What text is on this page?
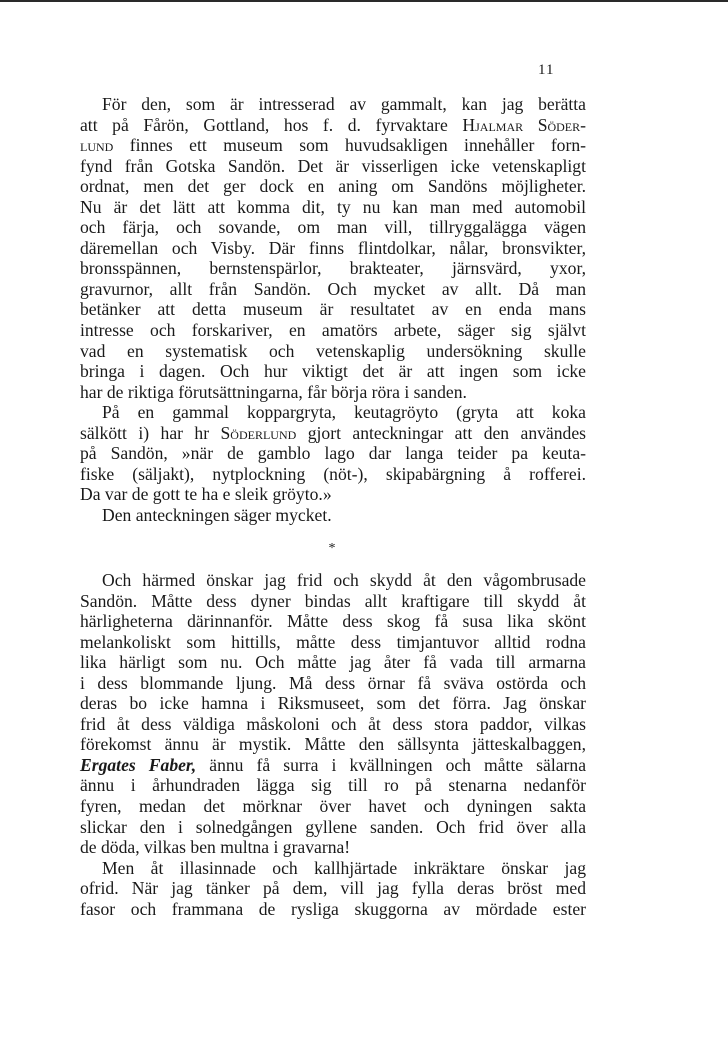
11
För den, som är intresserad av gammalt, kan jag berätta
att på Fårön, Gottland, hos f. d. fyrvaktare Hjalmar Söder-
lund finnes ett museum som huvudsakligen innehåller forn-
fynd från Gotska Sandön. Det är visserligen icke vetenskapligt
ordnat, men det ger dock en aning om Sandöns möjligheter.
Nu är det lätt att komma dit, ty nu kan man med automobil
och färja, och sovande, om man vill, tillryggalägga vägen
däremellan och Visby. Där finns flintdolkar, nålar, bronsvikter,
bronsspännen, bernstenspärlor, brakteater, järnsvärd, yxor,
gravurnor, allt från Sandön. Och mycket av allt. Då man
betänker att detta museum är resultatet av en enda mans
intresse och forskariver, en amatörs arbete, säger sig självt
vad en systematisk och vetenskaplig undersökning skulle
bringa i dagen. Och hur viktigt det är att ingen som icke
har de riktiga förutsättningarna, får börja röra i sanden.
På en gammal koppargryta, keutagröyto (gryta att koka
sälkött i) har hr Söderlund gjort anteckningar att den användes
på Sandön, »när de gamblo lago dar langa teider pa keuta-
fiske (säljakt), nytplockning (nöt-), skipabärgning å rofferei.
Da var de gott te ha e sleik gröyto.»
Den anteckningen säger mycket.
*
Och härmed önskar jag frid och skydd åt den vågombrusade
Sandön. Måtte dess dyner bindas allt kraftigare till skydd åt
härligheterna därinnanför. Måtte dess skog få susa lika skönt
melankoliskt som hittills, måtte dess timjantuvor alltid rodna
lika härligt som nu. Och måtte jag åter få vada till armarna
i dess blommande ljung. Må dess örnar få sväva ostörda och
deras bo icke hamna i Riksmuseet, som det förra. Jag önskar
frid åt dess väldiga måskoloni och åt dess stora paddor, vilkas
förekomst ännu är mystik. Måtte den sällsynta jätteskalbaggen,
Ergates Faber, ännu få surra i kvällningen och måtte sälarna
ännu i århundraden lägga sig till ro på stenarna nedanför
fyren, medan det mörknar över havet och dyningen sakta
slickar den i solnedgången gyllene sanden. Och frid över alla
de döda, vilkas ben multna i gravarna!
Men åt illasinnade och kallhjärtade inkräktare önskar jag
ofrid. När jag tänker på dem, vill jag fylla deras bröst med
fasor och frammana de rysliga skuggorna av mördade ester
